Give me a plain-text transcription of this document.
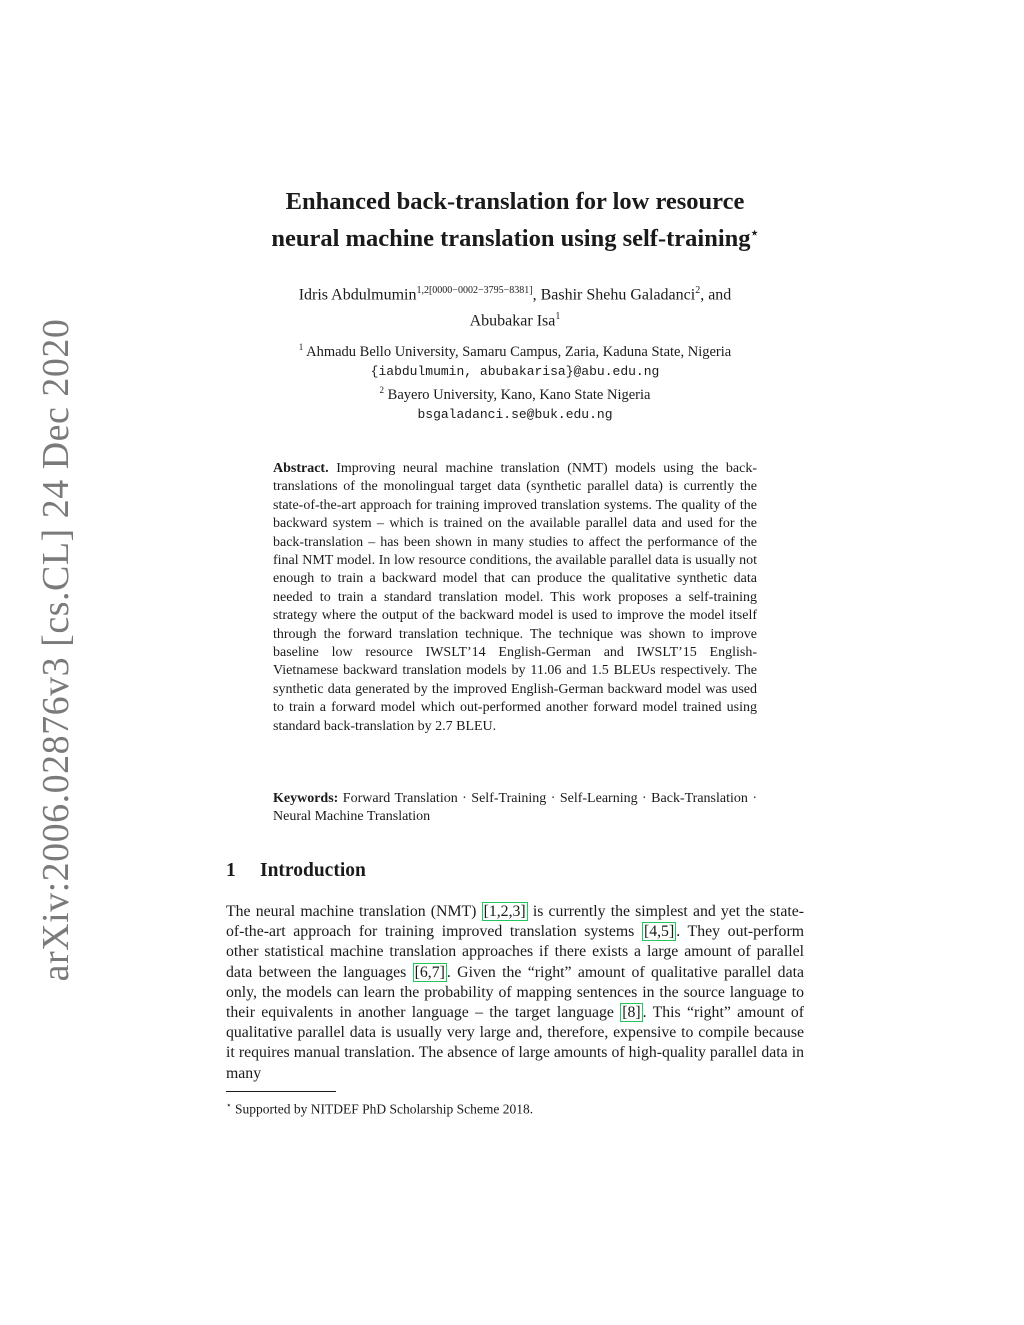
arXiv:2006.02876v3 [cs.CL] 24 Dec 2020
Enhanced back-translation for low resource
neural machine translation using self-training⋆
Idris Abdulmumin$^{1,2[0000-0002-3795-8381]}$, Bashir Shehu Galadanci$^2$, and
Abubakar Isa$^1$
$^1$ Ahmadu Bello University, Samaru Campus, Zaria, Kaduna State, Nigeria
{iabdulmumin, abubakarisa}@abu.edu.ng
$^2$ Bayero University, Kano, Kano State Nigeria
bsgaladanci.se@buk.edu.ng
Abstract. Improving neural machine translation (NMT) models using the back-translations of the monolingual target data (synthetic parallel data) is currently the state-of-the-art approach for training improved translation systems. The quality of the backward system – which is trained on the available parallel data and used for the back-translation – has been shown in many studies to affect the performance of the final NMT model. In low resource conditions, the available parallel data is usually not enough to train a backward model that can produce the qualitative synthetic data needed to train a standard translation model. This work proposes a self-training strategy where the output of the backward model is used to improve the model itself through the forward translation technique. The technique was shown to improve baseline low resource IWSLT’14 English-German and IWSLT’15 English-Vietnamese backward translation models by 11.06 and 1.5 BLEUs respectively. The synthetic data generated by the improved English-German backward model was used to train a forward model which out-performed another forward model trained using standard back-translation by 2.7 BLEU.
Keywords: Forward Translation · Self-Training · Self-Learning · Back-Translation · Neural Machine Translation
1 Introduction
The neural machine translation (NMT) [1,2,3] is currently the simplest and yet the state-of-the-art approach for training improved translation systems [4,5] . They out-perform other statistical machine translation approaches if there exists a large amount of parallel data between the languages [6,7] . Given the “right” amount of qualitative parallel data only, the models can learn the probability of mapping sentences in the source language to their equivalents in another language – the target language [8] . This “right” amount of qualitative parallel data is usually very large and, therefore, expensive to compile because it requires manual translation. The absence of large amounts of high-quality parallel data in many
⋆ Supported by NITDEF PhD Scholarship Scheme 2018.
